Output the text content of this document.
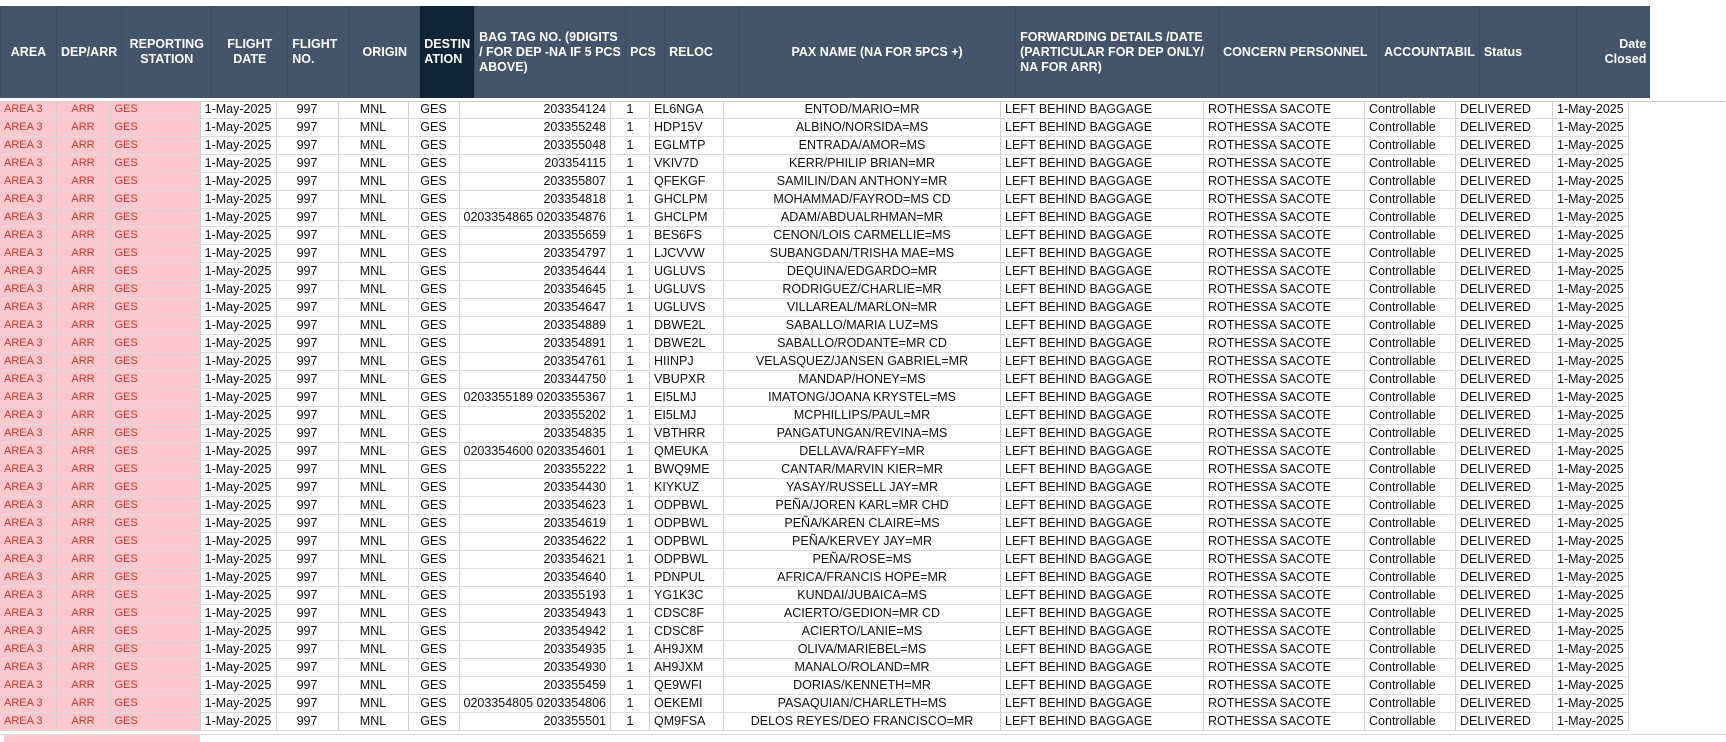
AREA	DEP/ARR	REPORTING STATION	FLIGHT DATE	FLIGHT NO.	ORIGIN	DESTIN ATION	BAG TAG NO. (9DIGITS / FOR DEP -NA IF 5 PCS ABOVE)	PCS	RELOC	PAX NAME (NA FOR 5PCS +)	FORWARDING DETAILS /DATE (PARTICULAR FOR DEP ONLY/ NA FOR ARR)	CONCERN PERSONNEL	ACCOUNTABIL	Status	Date Closed
AREA 3	ARR	GES	1-May-2025	997	MNL	GES	203354124	1	EL6NGA	ENTOD/MARIO=MR	LEFT BEHIND BAGGAGE	ROTHESSA SACOTE	Controllable	DELIVERED	1-May-2025
AREA 3	ARR	GES	1-May-2025	997	MNL	GES	203355248	1	HDP15V	ALBINO/NORSIDA=MS	LEFT BEHIND BAGGAGE	ROTHESSA SACOTE	Controllable	DELIVERED	1-May-2025
AREA 3	ARR	GES	1-May-2025	997	MNL	GES	203355048	1	EGLMTP	ENTRADA/AMOR=MS	LEFT BEHIND BAGGAGE	ROTHESSA SACOTE	Controllable	DELIVERED	1-May-2025
AREA 3	ARR	GES	1-May-2025	997	MNL	GES	203354115	1	VKIV7D	KERR/PHILIP BRIAN=MR	LEFT BEHIND BAGGAGE	ROTHESSA SACOTE	Controllable	DELIVERED	1-May-2025
AREA 3	ARR	GES	1-May-2025	997	MNL	GES	203355807	1	QFEKGF	SAMILIN/DAN ANTHONY=MR	LEFT BEHIND BAGGAGE	ROTHESSA SACOTE	Controllable	DELIVERED	1-May-2025
AREA 3	ARR	GES	1-May-2025	997	MNL	GES	203354818	1	GHCLPM	MOHAMMAD/FAYROD=MS CD	LEFT BEHIND BAGGAGE	ROTHESSA SACOTE	Controllable	DELIVERED	1-May-2025
AREA 3	ARR	GES	1-May-2025	997	MNL	GES	0203354865 0203354876	1	GHCLPM	ADAM/ABDUALRHMAN=MR	LEFT BEHIND BAGGAGE	ROTHESSA SACOTE	Controllable	DELIVERED	1-May-2025
AREA 3	ARR	GES	1-May-2025	997	MNL	GES	203355659	1	BES6FS	CENON/LOIS CARMELLIE=MS	LEFT BEHIND BAGGAGE	ROTHESSA SACOTE	Controllable	DELIVERED	1-May-2025
AREA 3	ARR	GES	1-May-2025	997	MNL	GES	203354797	1	LJCVVW	SUBANGDAN/TRISHA MAE=MS	LEFT BEHIND BAGGAGE	ROTHESSA SACOTE	Controllable	DELIVERED	1-May-2025
AREA 3	ARR	GES	1-May-2025	997	MNL	GES	203354644	1	UGLUVS	DEQUINA/EDGARDO=MR	LEFT BEHIND BAGGAGE	ROTHESSA SACOTE	Controllable	DELIVERED	1-May-2025
AREA 3	ARR	GES	1-May-2025	997	MNL	GES	203354645	1	UGLUVS	RODRIGUEZ/CHARLIE=MR	LEFT BEHIND BAGGAGE	ROTHESSA SACOTE	Controllable	DELIVERED	1-May-2025
AREA 3	ARR	GES	1-May-2025	997	MNL	GES	203354647	1	UGLUVS	VILLAREAL/MARLON=MR	LEFT BEHIND BAGGAGE	ROTHESSA SACOTE	Controllable	DELIVERED	1-May-2025
AREA 3	ARR	GES	1-May-2025	997	MNL	GES	203354889	1	DBWE2L	SABALLO/MARIA LUZ=MS	LEFT BEHIND BAGGAGE	ROTHESSA SACOTE	Controllable	DELIVERED	1-May-2025
AREA 3	ARR	GES	1-May-2025	997	MNL	GES	203354891	1	DBWE2L	SABALLO/RODANTE=MR CD	LEFT BEHIND BAGGAGE	ROTHESSA SACOTE	Controllable	DELIVERED	1-May-2025
AREA 3	ARR	GES	1-May-2025	997	MNL	GES	203354761	1	HIINPJ	VELASQUEZ/JANSEN GABRIEL=MR	LEFT BEHIND BAGGAGE	ROTHESSA SACOTE	Controllable	DELIVERED	1-May-2025
AREA 3	ARR	GES	1-May-2025	997	MNL	GES	203344750	1	VBUPXR	MANDAP/HONEY=MS	LEFT BEHIND BAGGAGE	ROTHESSA SACOTE	Controllable	DELIVERED	1-May-2025
AREA 3	ARR	GES	1-May-2025	997	MNL	GES	0203355189 0203355367	1	EI5LMJ	IMATONG/JOANA KRYSTEL=MS	LEFT BEHIND BAGGAGE	ROTHESSA SACOTE	Controllable	DELIVERED	1-May-2025
AREA 3	ARR	GES	1-May-2025	997	MNL	GES	203355202	1	EI5LMJ	MCPHILLIPS/PAUL=MR	LEFT BEHIND BAGGAGE	ROTHESSA SACOTE	Controllable	DELIVERED	1-May-2025
AREA 3	ARR	GES	1-May-2025	997	MNL	GES	203354835	1	VBTHRR	PANGATUNGAN/REVINA=MS	LEFT BEHIND BAGGAGE	ROTHESSA SACOTE	Controllable	DELIVERED	1-May-2025
AREA 3	ARR	GES	1-May-2025	997	MNL	GES	0203354600 0203354601	1	QMEUKA	DELLAVA/RAFFY=MR	LEFT BEHIND BAGGAGE	ROTHESSA SACOTE	Controllable	DELIVERED	1-May-2025
AREA 3	ARR	GES	1-May-2025	997	MNL	GES	203355222	1	BWQ9ME	CANTAR/MARVIN KIER=MR	LEFT BEHIND BAGGAGE	ROTHESSA SACOTE	Controllable	DELIVERED	1-May-2025
AREA 3	ARR	GES	1-May-2025	997	MNL	GES	203354430	1	KIYKUZ	YASAY/RUSSELL JAY=MR	LEFT BEHIND BAGGAGE	ROTHESSA SACOTE	Controllable	DELIVERED	1-May-2025
AREA 3	ARR	GES	1-May-2025	997	MNL	GES	203354623	1	ODPBWL	PEÑA/JOREN KARL=MR CHD	LEFT BEHIND BAGGAGE	ROTHESSA SACOTE	Controllable	DELIVERED	1-May-2025
AREA 3	ARR	GES	1-May-2025	997	MNL	GES	203354619	1	ODPBWL	PEÑA/KAREN CLAIRE=MS	LEFT BEHIND BAGGAGE	ROTHESSA SACOTE	Controllable	DELIVERED	1-May-2025
AREA 3	ARR	GES	1-May-2025	997	MNL	GES	203354622	1	ODPBWL	PEÑA/KERVEY JAY=MR	LEFT BEHIND BAGGAGE	ROTHESSA SACOTE	Controllable	DELIVERED	1-May-2025
AREA 3	ARR	GES	1-May-2025	997	MNL	GES	203354621	1	ODPBWL	PEÑA/ROSE=MS	LEFT BEHIND BAGGAGE	ROTHESSA SACOTE	Controllable	DELIVERED	1-May-2025
AREA 3	ARR	GES	1-May-2025	997	MNL	GES	203354640	1	PDNPUL	AFRICA/FRANCIS HOPE=MR	LEFT BEHIND BAGGAGE	ROTHESSA SACOTE	Controllable	DELIVERED	1-May-2025
AREA 3	ARR	GES	1-May-2025	997	MNL	GES	203355193	1	YG1K3C	KUNDAI/JUBAICA=MS	LEFT BEHIND BAGGAGE	ROTHESSA SACOTE	Controllable	DELIVERED	1-May-2025
AREA 3	ARR	GES	1-May-2025	997	MNL	GES	203354943	1	CDSC8F	ACIERTO/GEDION=MR CD	LEFT BEHIND BAGGAGE	ROTHESSA SACOTE	Controllable	DELIVERED	1-May-2025
AREA 3	ARR	GES	1-May-2025	997	MNL	GES	203354942	1	CDSC8F	ACIERTO/LANIE=MS	LEFT BEHIND BAGGAGE	ROTHESSA SACOTE	Controllable	DELIVERED	1-May-2025
AREA 3	ARR	GES	1-May-2025	997	MNL	GES	203354935	1	AH9JXM	OLIVA/MARIEBEL=MS	LEFT BEHIND BAGGAGE	ROTHESSA SACOTE	Controllable	DELIVERED	1-May-2025
AREA 3	ARR	GES	1-May-2025	997	MNL	GES	203354930	1	AH9JXM	MANALO/ROLAND=MR	LEFT BEHIND BAGGAGE	ROTHESSA SACOTE	Controllable	DELIVERED	1-May-2025
AREA 3	ARR	GES	1-May-2025	997	MNL	GES	203355459	1	QE9WFI	DORIAS/KENNETH=MR	LEFT BEHIND BAGGAGE	ROTHESSA SACOTE	Controllable	DELIVERED	1-May-2025
AREA 3	ARR	GES	1-May-2025	997	MNL	GES	0203354805 0203354806	1	OEKEMI	PASAQUIAN/CHARLETH=MS	LEFT BEHIND BAGGAGE	ROTHESSA SACOTE	Controllable	DELIVERED	1-May-2025
AREA 3	ARR	GES	1-May-2025	997	MNL	GES	203355501	1	QM9FSA	DELOS REYES/DEO FRANCISCO=MR	LEFT BEHIND BAGGAGE	ROTHESSA SACOTE	Controllable	DELIVERED	1-May-2025
